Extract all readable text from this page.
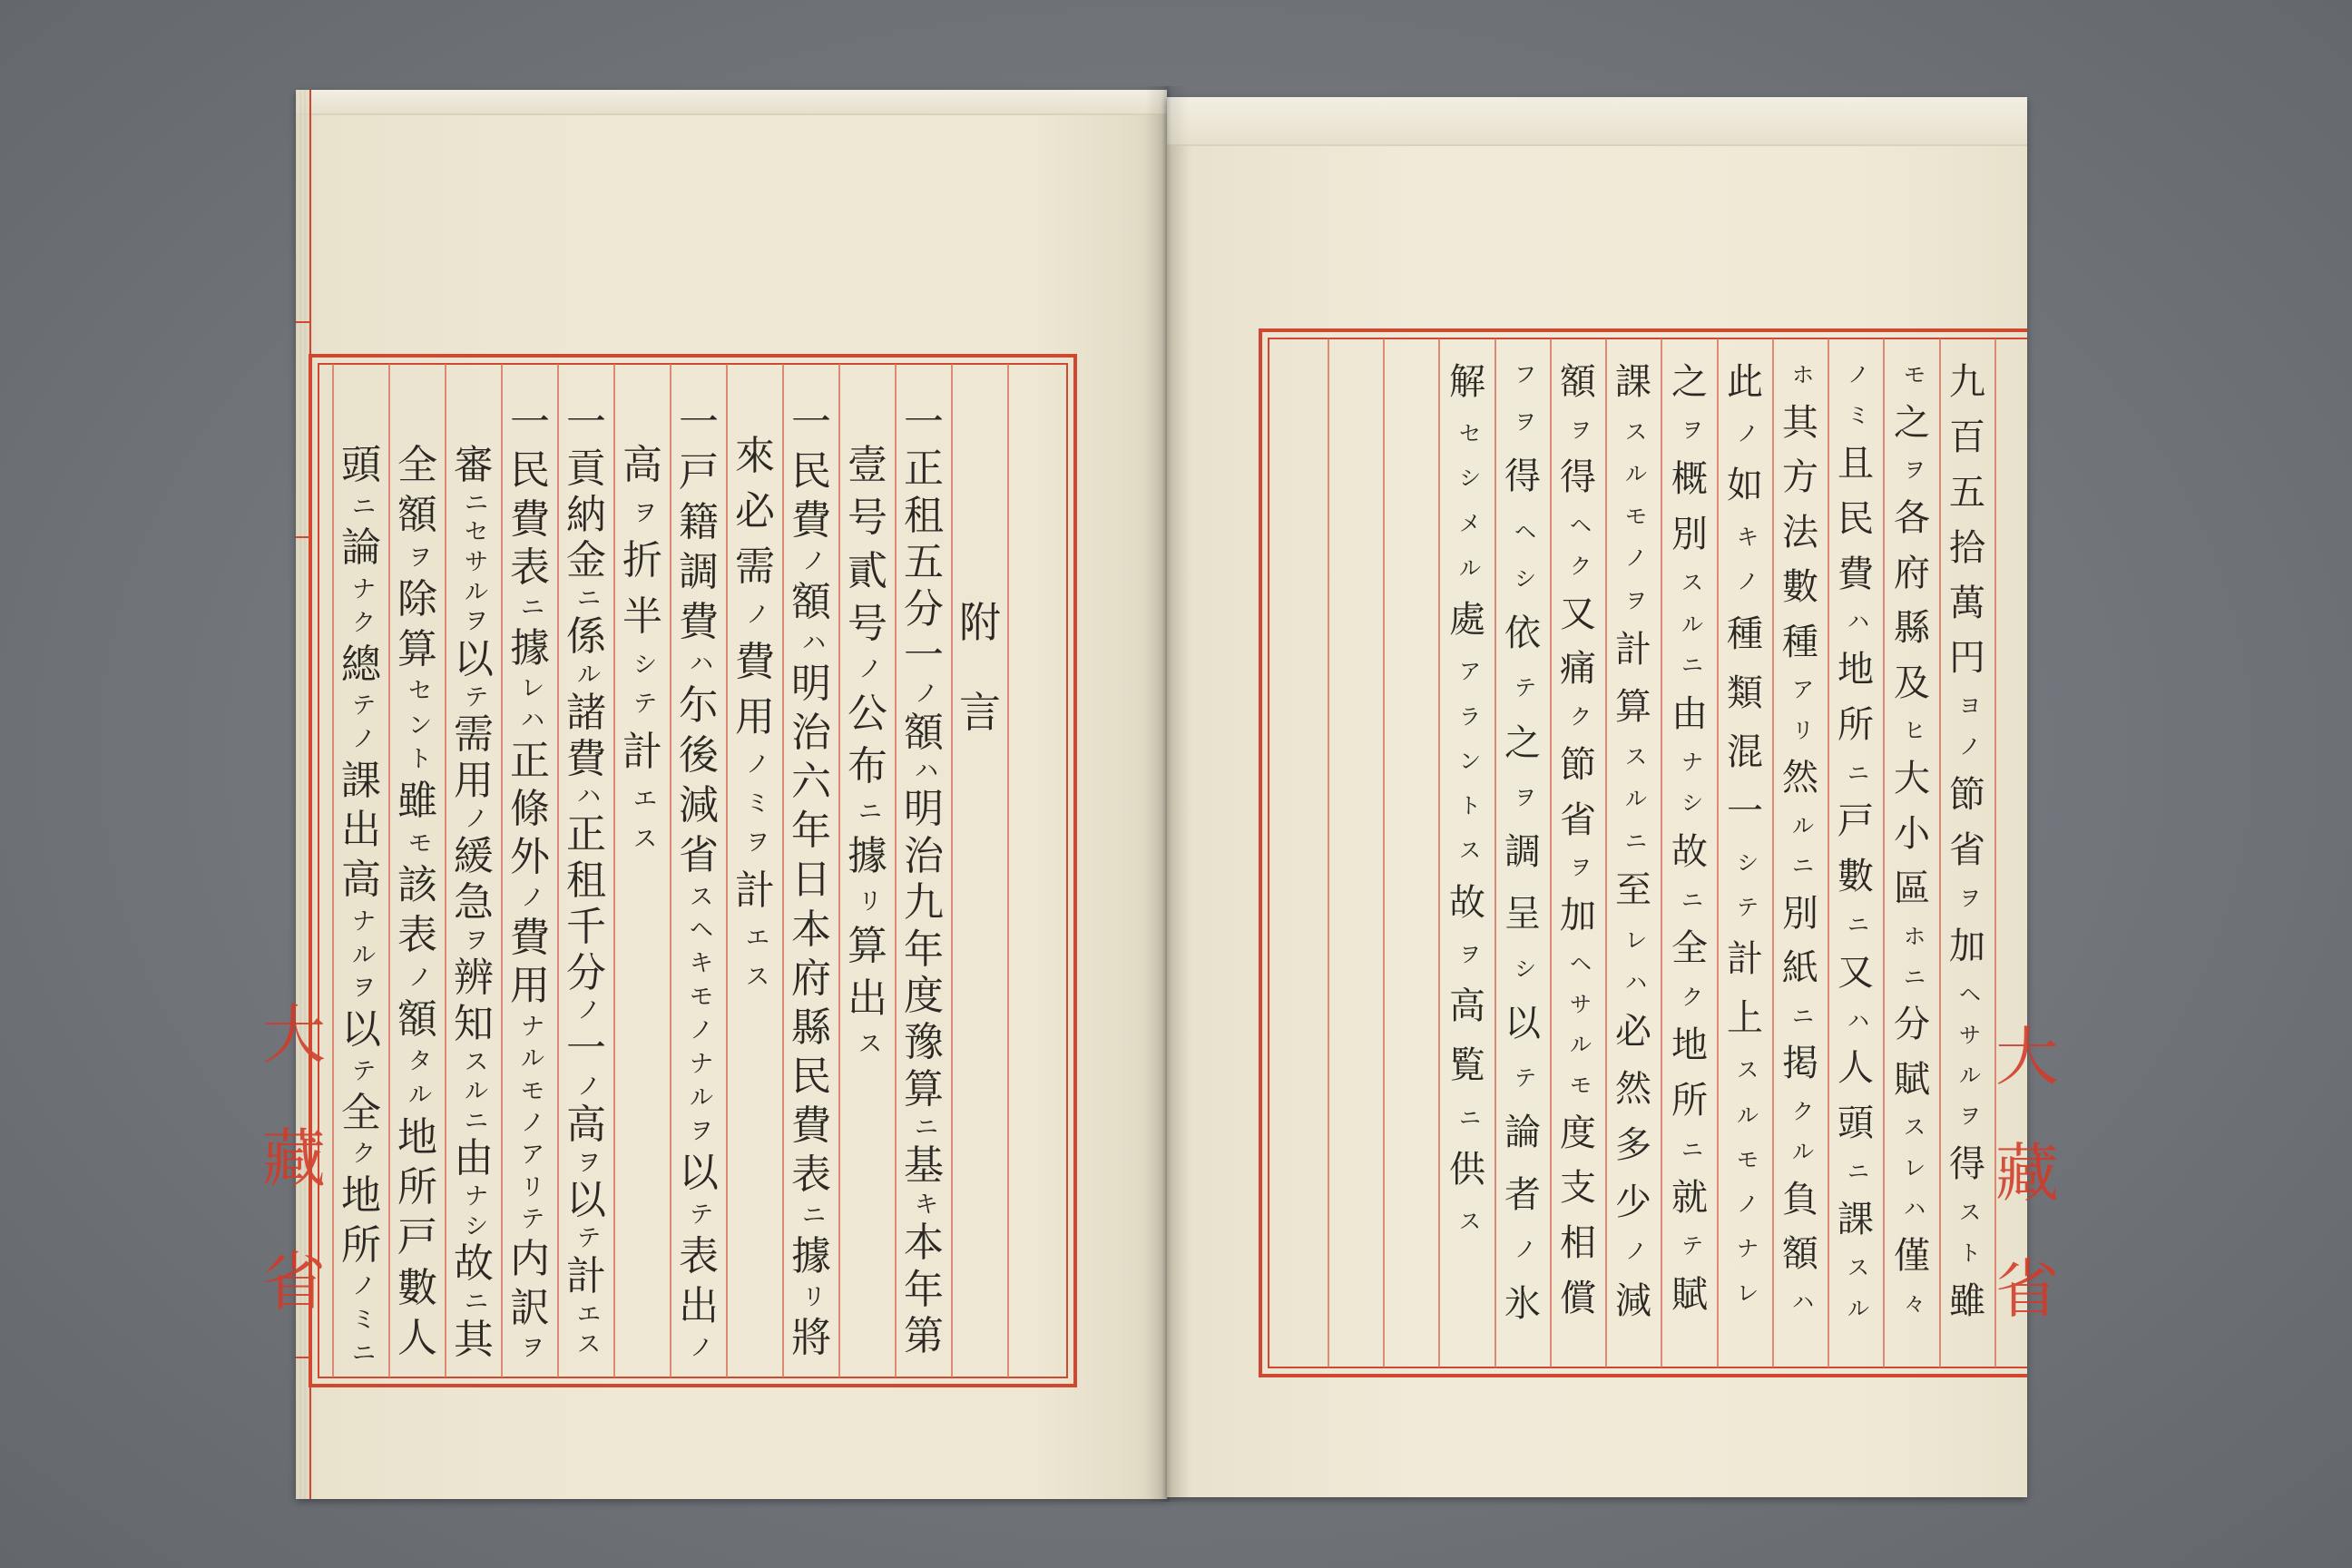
大
藏
省
大
藏
省
附
言
一
正
租
五
分
一
ノ
額
ハ
明
治
九
年
度
豫
算
ニ
基
キ
本
年
第
壹
号
貳
号
ノ
公
布
ニ
據
リ
算
出
ス
一
民
費
ノ
額
ハ
明
治
六
年
日
本
府
縣
民
費
表
ニ
據
リ
將
來
必
需
ノ
費
用
ノ
ミ
ヲ
計
エ
ス
一
戸
籍
調
費
ハ
尓
後
減
省
ス
ヘ
キ
モ
ノ
ナ
ル
ヲ
以
テ
表
出
ノ
高
ヲ
折
半
シ
テ
計
エ
ス
一
貢
納
金
ニ
係
ル
諸
費
ハ
正
租
千
分
ノ
一
ノ
高
ヲ
以
テ
計
エ
ス
一
民
費
表
ニ
據
レ
ハ
正
條
外
ノ
費
用
ナ
ル
モ
ノ
ア
リ
テ
内
訳
ヲ
審
ニ
セ
サ
ル
ヲ
以
テ
需
用
ノ
緩
急
ヲ
辨
知
ス
ル
ニ
由
ナ
シ
故
ニ
其
全
額
ヲ
除
算
セ
ン
ト
雖
モ
該
表
ノ
額
タ
ル
地
所
戸
數
人
頭
ニ
論
ナ
ク
總
テ
ノ
課
出
高
ナ
ル
ヲ
以
テ
全
ク
地
所
ノ
ミ
ニ
九
百
五
拾
萬
円
ヨ
ノ
節
省
ヲ
加
ヘ
サ
ル
ヲ
得
ス
ト
雖
モ
之
ヲ
各
府
縣
及
ヒ
大
小
區
ホ
ニ
分
賦
ス
レ
ハ
僅
々
ノ
ミ
且
民
費
ハ
地
所
ニ
戸
數
ニ
又
ハ
人
頭
ニ
課
ス
ル
ホ
其
方
法
數
種
ア
リ
然
ル
ニ
別
紙
ニ
掲
ク
ル
負
額
ハ
此
ノ
如
キ
ノ
種
類
混
一
シ
テ
計
上
ス
ル
モ
ノ
ナ
レ
之
ヲ
概
別
ス
ル
ニ
由
ナ
シ
故
ニ
全
ク
地
所
ニ
就
テ
賦
課
ス
ル
モ
ノ
ヲ
計
算
ス
ル
ニ
至
レ
ハ
必
然
多
少
ノ
減
額
ヲ
得
ヘ
ク
又
痛
ク
節
省
ヲ
加
ヘ
サ
ル
モ
度
支
相
償
フ
ヲ
得
ヘ
シ
依
テ
之
ヲ
調
呈
シ
以
テ
論
者
ノ
氷
解
セ
シ
メ
ル
處
ア
ラ
ン
ト
ス
故
ヲ
高
覧
ニ
供
ス
